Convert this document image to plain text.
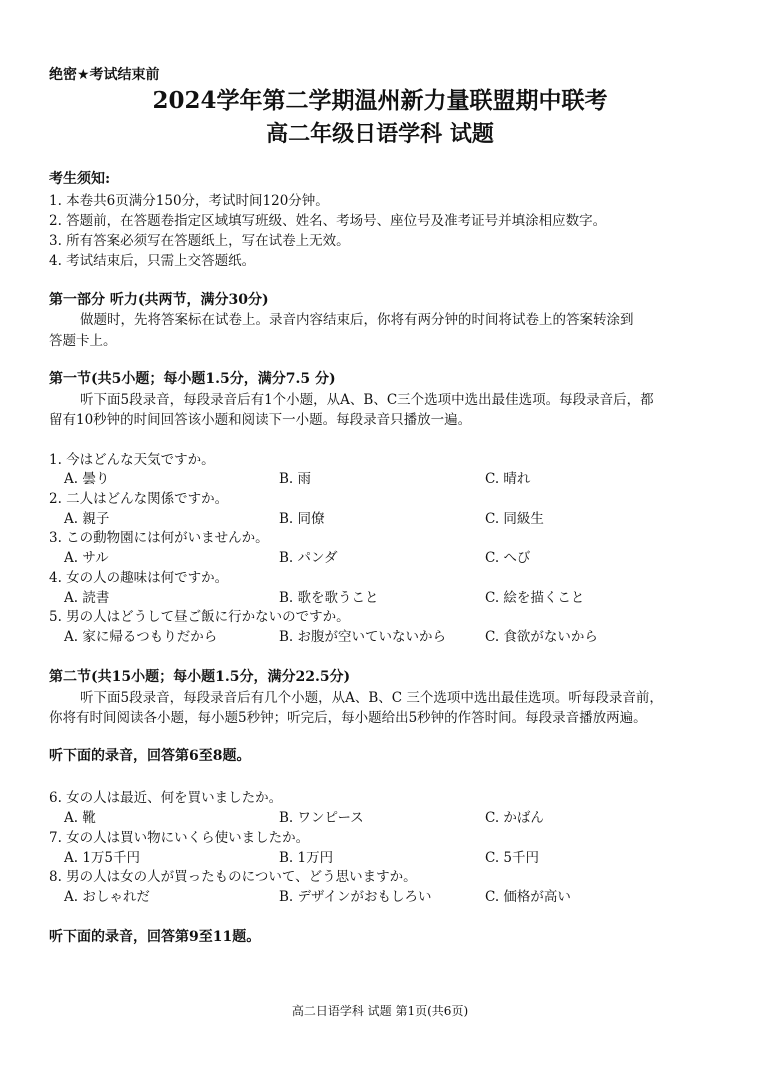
绝密★考试结束前
2024学年第二学期温州新力量联盟期中联考
高二年级日语学科 试题
考生须知:
1. 本卷共6页满分150分，考试时间120分钟。
2. 答题前，在答题卷指定区域填写班级、姓名、考场号、座位号及准考证号并填涂相应数字。
3. 所有答案必须写在答题纸上，写在试卷上无效。
4. 考试结束后，只需上交答题纸。
第一部分 听力(共两节，满分30分)
做题时，先将答案标在试卷上。录音内容结束后，你将有两分钟的时间将试卷上的答案转涂到
答题卡上。
第一节(共5小题；每小题1.5分，满分7.5 分)
听下面5段录音，每段录音后有1个小题，从A、B、C三个选项中选出最佳选项。每段录音后，都
留有10秒钟的时间回答该小题和阅读下一小题。每段录音只播放一遍。
1. 今はどんな天気ですか。
A. 曇り	B. 雨	C. 晴れ
2. 二人はどんな関係ですか。
A. 親子	B. 同僚	C. 同級生
3. この動物園には何がいませんか。
A. サル	B. パンダ	C. へび
4. 女の人の趣味は何ですか。
A. 読書	B. 歌を歌うこと	C. 絵を描くこと
5. 男の人はどうして昼ご飯に行かないのですか。
A. 家に帰るつもりだから	B. お腹が空いていないから	C. 食欲がないから
第二节(共15小题；每小题1.5分，满分22.5分)
听下面5段录音，每段录音后有几个小题，从A、B、C 三个选项中选出最佳选项。听每段录音前，
你将有时间阅读各小题，每小题5秒钟；听完后，每小题给出5秒钟的作答时间。每段录音播放两遍。
听下面的录音，回答第6至8题。
6. 女の人は最近、何を買いましたか。
A. 靴	B. ワンピース	C. かばん
7. 女の人は買い物にいくら使いましたか。
A. 1万5千円	B. 1万円	C. 5千円
8. 男の人は女の人が買ったものについて、どう思いますか。
A. おしゃれだ	B. デザインがおもしろい	C. 価格が高い
听下面的录音，回答第9至11题。
高二日语学科 试题 第1页(共6页)
